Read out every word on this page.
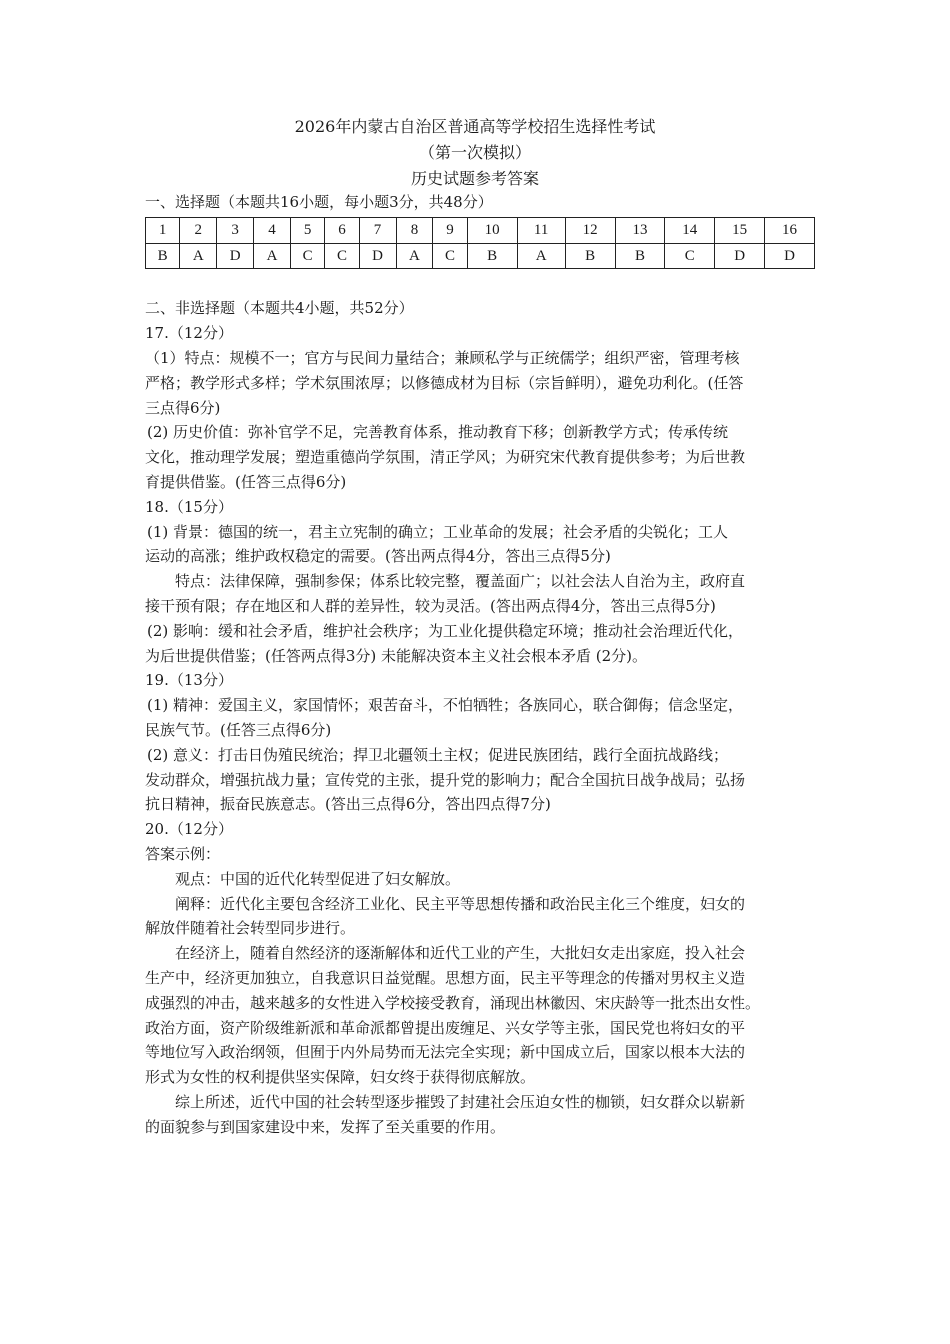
2026年内蒙古自治区普通高等学校招生选择性考试
（第一次模拟）
历史试题参考答案
一、选择题（本题共16小题，每小题3分，共48分）
1	2	3	4	5	6	7	8	9	10	11	12	13	14	15	16
B	A	D	A	C	C	D	A	C	B	A	B	B	C	D	D
二、非选择题（本题共4小题，共52分）
17.（12分）
（1）特点：规模不一；官方与民间力量结合；兼顾私学与正统儒学；组织严密，管理考核
严格；教学形式多样；学术氛围浓厚；以修德成材为目标（宗旨鲜明），避免功利化。(任答
三点得6分)
(2) 历史价值：弥补官学不足，完善教育体系，推动教育下移；创新教学方式；传承传统
文化，推动理学发展；塑造重德尚学氛围，清正学风；为研究宋代教育提供参考；为后世教
育提供借鉴。(任答三点得6分)
18.（15分）
(1) 背景：德国的统一，君主立宪制的确立；工业革命的发展；社会矛盾的尖锐化；工人
运动的高涨；维护政权稳定的需要。(答出两点得4分，答出三点得5分)
特点：法律保障，强制参保；体系比较完整，覆盖面广；以社会法人自治为主，政府直
接干预有限；存在地区和人群的差异性，较为灵活。(答出两点得4分，答出三点得5分)
(2) 影响：缓和社会矛盾，维护社会秩序；为工业化提供稳定环境；推动社会治理近代化，
为后世提供借鉴；(任答两点得3分) 未能解决资本主义社会根本矛盾 (2分)。
19.（13分）
(1) 精神：爱国主义，家国情怀；艰苦奋斗，不怕牺牲；各族同心，联合御侮；信念坚定，
民族气节。(任答三点得6分)
(2) 意义：打击日伪殖民统治；捍卫北疆领土主权；促进民族团结，践行全面抗战路线；
发动群众，增强抗战力量；宣传党的主张，提升党的影响力；配合全国抗日战争战局；弘扬
抗日精神，振奋民族意志。(答出三点得6分，答出四点得7分)
20.（12分）
答案示例：
观点：中国的近代化转型促进了妇女解放。
阐释：近代化主要包含经济工业化、民主平等思想传播和政治民主化三个维度，妇女的
解放伴随着社会转型同步进行。
在经济上，随着自然经济的逐渐解体和近代工业的产生，大批妇女走出家庭，投入社会
生产中，经济更加独立，自我意识日益觉醒。思想方面，民主平等理念的传播对男权主义造
成强烈的冲击，越来越多的女性进入学校接受教育，涌现出林徽因、宋庆龄等一批杰出女性。
政治方面，资产阶级维新派和革命派都曾提出废缠足、兴女学等主张，国民党也将妇女的平
等地位写入政治纲领，但囿于内外局势而无法完全实现；新中国成立后，国家以根本大法的
形式为女性的权利提供坚实保障，妇女终于获得彻底解放。
综上所述，近代中国的社会转型逐步摧毁了封建社会压迫女性的枷锁，妇女群众以崭新
的面貌参与到国家建设中来，发挥了至关重要的作用。
